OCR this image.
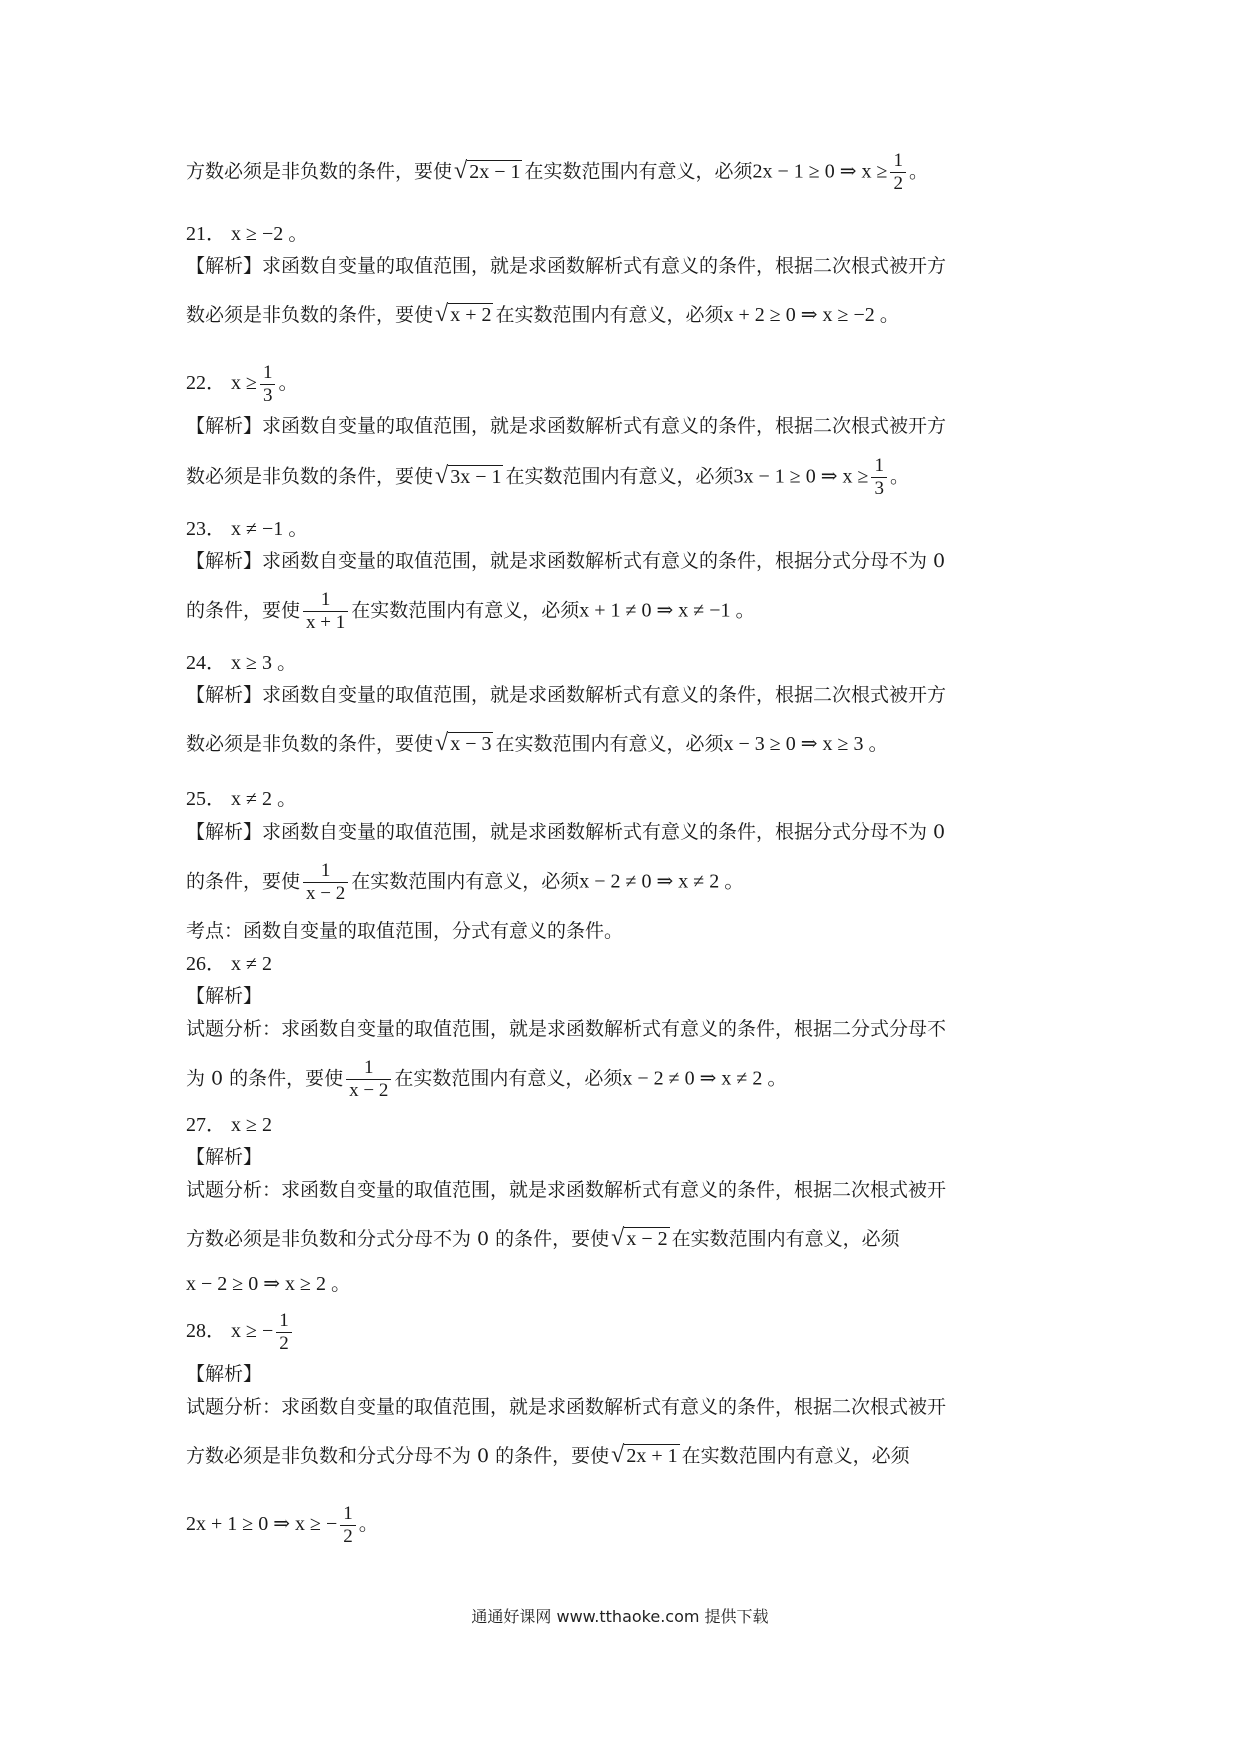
方数必须是非负数的条件，要使√ 2x − 1 在实数范围内有意义，必须2x − 1 ≥ 0 ⇒ $x \ge \frac{1}{2}$ 。
21． x ≥ −2 。
【解析】求函数自变量的取值范围，就是求函数解析式有意义的条件，根据二次根式被开方
数必须是非负数的条件，要使√ x + 2 在实数范围内有意义，必须x + 2 ≥ 0 ⇒ x ≥ −2 。
22． $x \ge \frac{1}{3}$ 。
【解析】求函数自变量的取值范围，就是求函数解析式有意义的条件，根据二次根式被开方
数必须是非负数的条件，要使√ 3x − 1 在实数范围内有意义，必须3x − 1 ≥ 0 ⇒ $x \ge \frac{1}{3}$ 。
23． x ≠ −1 。
【解析】求函数自变量的取值范围，就是求函数解析式有意义的条件，根据分式分母不为 0
的条件，要使 $\frac{1}{x + 1}$ 在实数范围内有意义，必须x + 1 ≠ 0 ⇒ x ≠ −1 。
24． x ≥ 3 。
【解析】求函数自变量的取值范围，就是求函数解析式有意义的条件，根据二次根式被开方
数必须是非负数的条件，要使√ x − 3 在实数范围内有意义，必须x − 3 ≥ 0 ⇒ x ≥ 3 。
25． x ≠ 2 。
【解析】求函数自变量的取值范围，就是求函数解析式有意义的条件，根据分式分母不为 0
的条件，要使 $\frac{1}{x - 2}$ 在实数范围内有意义，必须x − 2 ≠ 0 ⇒ x ≠ 2 。
考点：函数自变量的取值范围，分式有意义的条件。
26． x ≠ 2
【解析】
试题分析：求函数自变量的取值范围，就是求函数解析式有意义的条件，根据二分式分母不
为 0 的条件，要使 $\frac{1}{x - 2}$ 在实数范围内有意义，必须x − 2 ≠ 0 ⇒ x ≠ 2 。
27． x ≥ 2
【解析】
试题分析：求函数自变量的取值范围，就是求函数解析式有意义的条件，根据二次根式被开
方数必须是非负数和分式分母不为 0 的条件，要使√ x − 2 在实数范围内有意义，必须
x − 2 ≥ 0 ⇒ x ≥ 2 。
28． x ≥ − $\frac{1}{2}$
【解析】
试题分析：求函数自变量的取值范围，就是求函数解析式有意义的条件，根据二次根式被开
方数必须是非负数和分式分母不为 0 的条件，要使√ 2x + 1 在实数范围内有意义，必须
2x + 1 ≥ 0 ⇒ x ≥ − $\frac{1}{2}$ 。
通通好课网 www.tthaoke.com 提供下载
